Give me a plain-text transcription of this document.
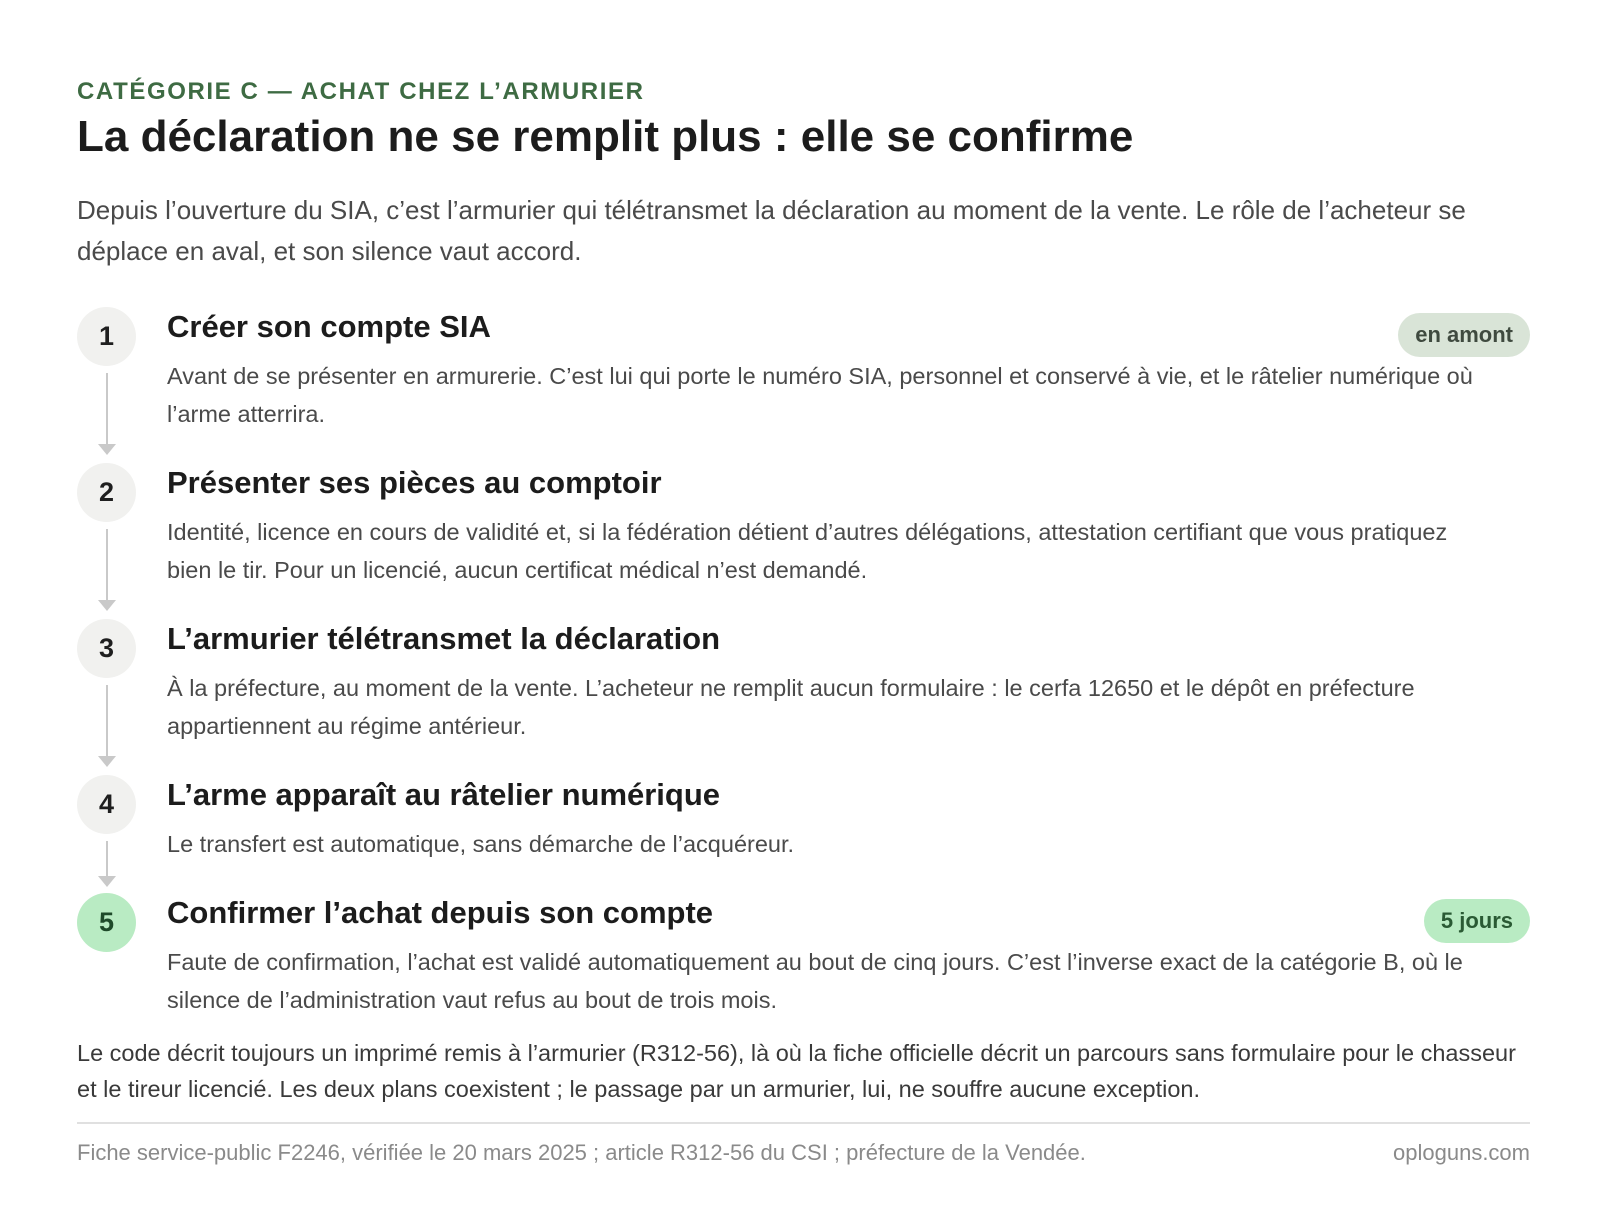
CATÉGORIE C — ACHAT CHEZ L’ARMURIER
La déclaration ne se remplit plus : elle se confirme
Depuis l’ouverture du SIA, c’est l’armurier qui télétransmet la déclaration au moment de la vente. Le rôle de l’acheteur se déplace en aval, et son silence vaut accord.
1	Créer son compte SIA	en amont
Avant de se présenter en armurerie. C’est lui qui porte le numéro SIA, personnel et conservé à vie, et le râtelier numérique où l’arme atterrira.
2	Présenter ses pièces au comptoir
Identité, licence en cours de validité et, si la fédération détient d’autres délégations, attestation certifiant que vous pratiquez bien le tir. Pour un licencié, aucun certificat médical n’est demandé.
3	L’armurier télétransmet la déclaration
À la préfecture, au moment de la vente. L’acheteur ne remplit aucun formulaire : le cerfa 12650 et le dépôt en préfecture appartiennent au régime antérieur.
4	L’arme apparaît au râtelier numérique
Le transfert est automatique, sans démarche de l’acquéreur.
5	Confirmer l’achat depuis son compte	5 jours
Faute de confirmation, l’achat est validé automatiquement au bout de cinq jours. C’est l’inverse exact de la catégorie B, où le silence de l’administration vaut refus au bout de trois mois.
Le code décrit toujours un imprimé remis à l’armurier (R312-56), là où la fiche officielle décrit un parcours sans formulaire pour le chasseur et le tireur licencié. Les deux plans coexistent ; le passage par un armurier, lui, ne souffre aucune exception.
Fiche service-public F2246, vérifiée le 20 mars 2025 ; article R312-56 du CSI ; préfecture de la Vendée.	oploguns.com
